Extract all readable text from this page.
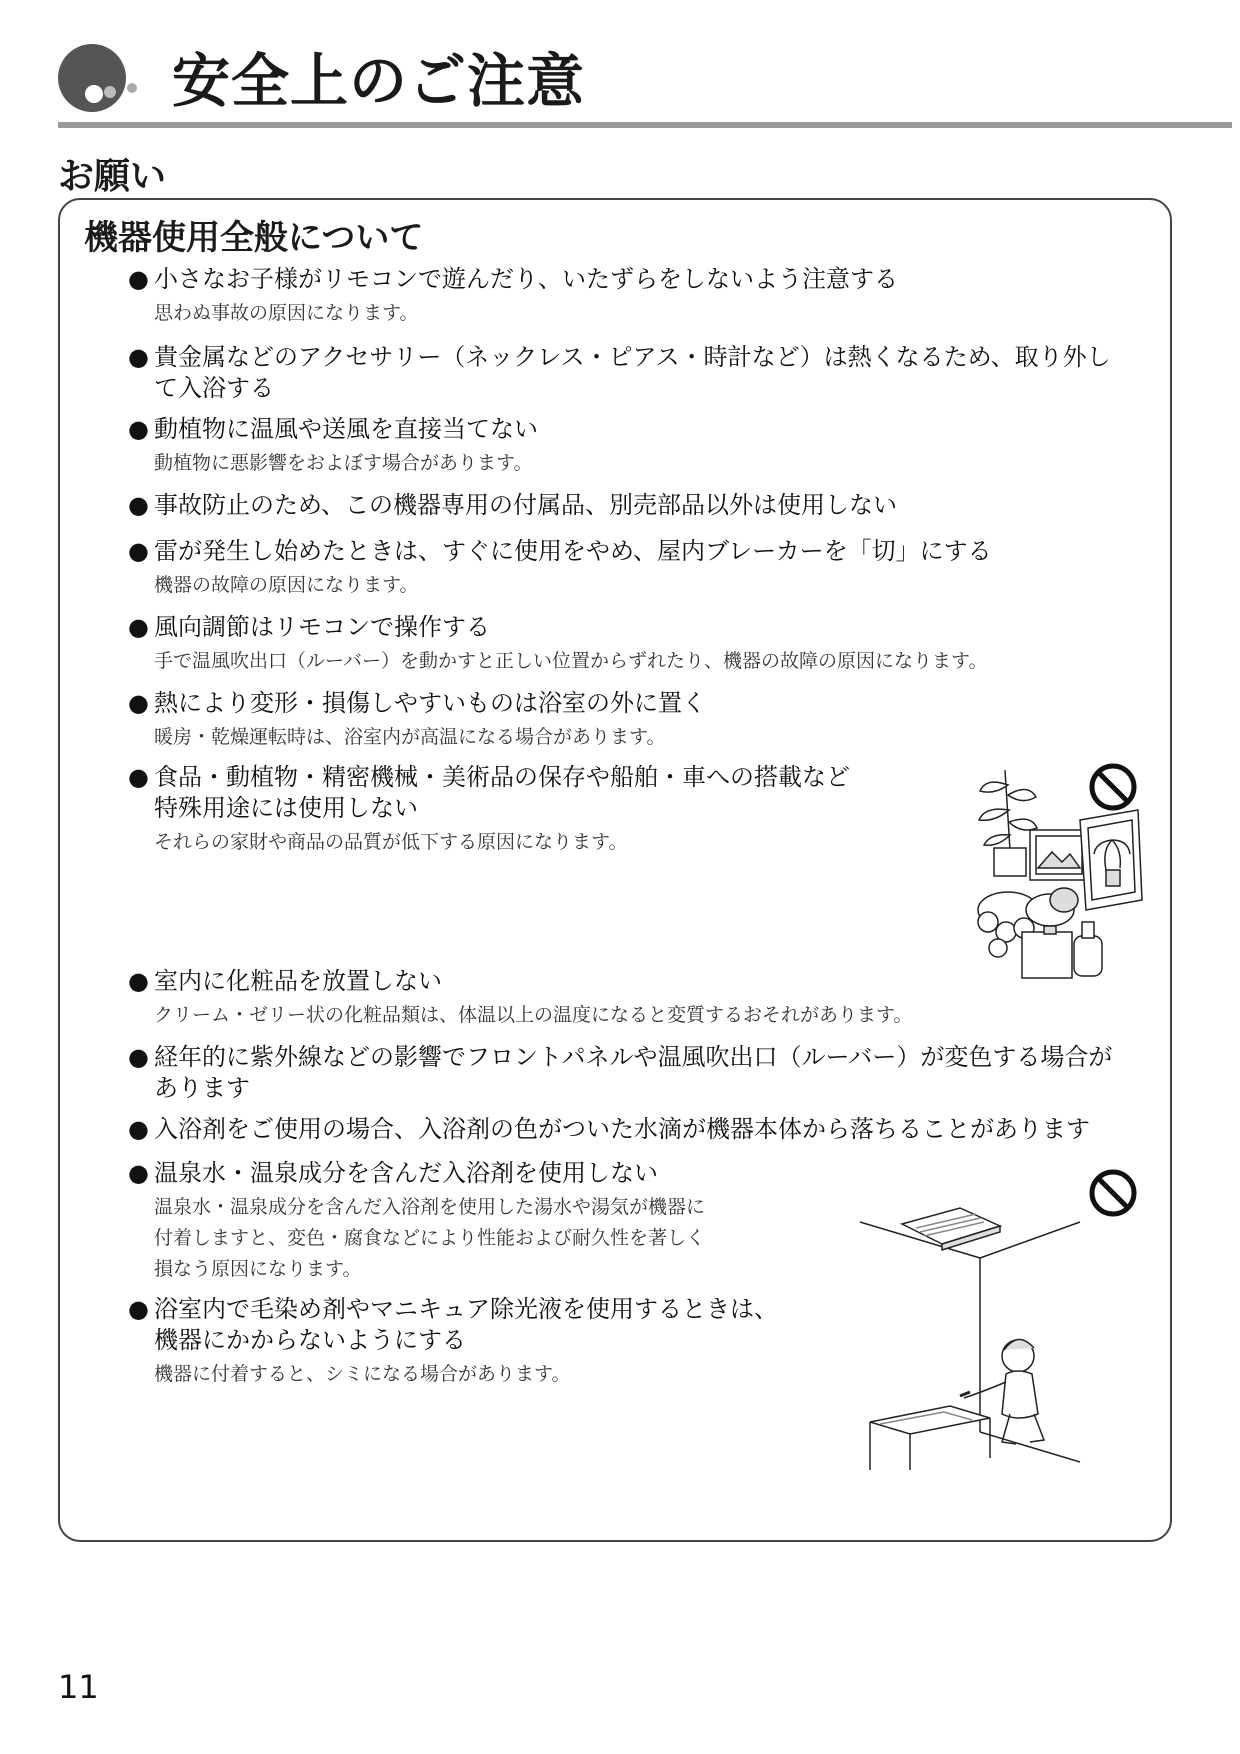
安全上のご注意
お願い
機器使用全般について
● 小さなお子様がリモコンで遊んだり、いたずらをしないよう注意する
思わぬ事故の原因になります。
● 貴金属などのアクセサリー（ネックレス・ピアス・時計など）は熱くなるため、取り外し
て入浴する
● 動植物に温風や送風を直接当てない
動植物に悪影響をおよぼす場合があります。
● 事故防止のため、この機器専用の付属品、別売部品以外は使用しない
● 雷が発生し始めたときは、すぐに使用をやめ、屋内ブレーカーを「切」にする
機器の故障の原因になります。
● 風向調節はリモコンで操作する
手で温風吹出口（ルーバー）を動かすと正しい位置からずれたり、機器の故障の原因になります。
● 熱により変形・損傷しやすいものは浴室の外に置く
暖房・乾燥運転時は、浴室内が高温になる場合があります。
● 食品・動植物・精密機械・美術品の保存や船舶・車への搭載など
特殊用途には使用しない
それらの家財や商品の品質が低下する原因になります。
● 室内に化粧品を放置しない
クリーム・ゼリー状の化粧品類は、体温以上の温度になると変質するおそれがあります。
● 経年的に紫外線などの影響でフロントパネルや温風吹出口（ルーバー）が変色する場合が
あります
● 入浴剤をご使用の場合、入浴剤の色がついた水滴が機器本体から落ちることがあります
● 温泉水・温泉成分を含んだ入浴剤を使用しない
温泉水・温泉成分を含んだ入浴剤を使用した湯水や湯気が機器に
付着しますと、変色・腐食などにより性能および耐久性を著しく
損なう原因になります。
● 浴室内で毛染め剤やマニキュア除光液を使用するときは、
機器にかからないようにする
機器に付着すると、シミになる場合があります。
11
